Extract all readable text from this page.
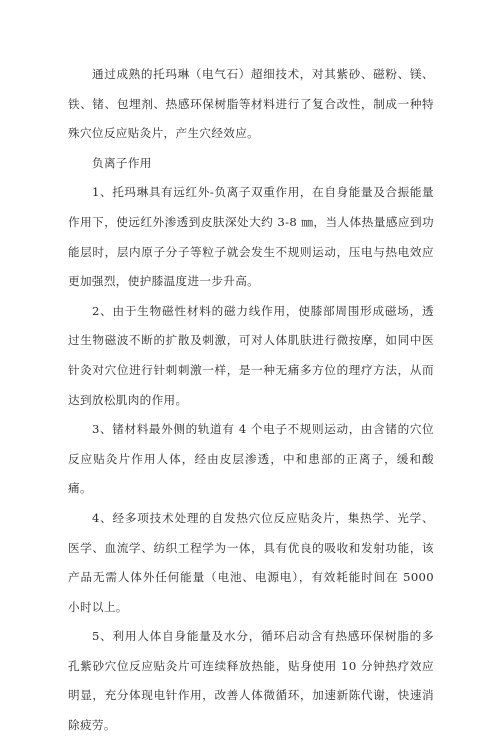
通过成熟的托玛琳（电气石）超细技术，对其紫砂、磁粉、镁、铁、锗、包埋剂、热感环保树脂等材料进行了复合改性，制成一种特殊穴位反应贴灸片，产生穴经效应。

负离子作用

1、托玛琳具有远红外-负离子双重作用，在自身能量及合振能量作用下，使远红外渗透到皮肤深处大约 3-8 ㎜，当人体热量感应到功能层时，层内原子分子等粒子就会发生不规则运动，压电与热电效应更加强烈，使护膝温度进一步升高。

2、由于生物磁性材料的磁力线作用，使膝部周围形成磁场，透过生物磁波不断的扩散及刺激，可对人体肌肤进行微按摩，如同中医针灸对穴位进行针刺刺激一样，是一种无痛多方位的理疗方法，从而达到放松肌肉的作用。

3、锗材料最外侧的轨道有 4 个电子不规则运动，由含锗的穴位反应贴灸片作用人体，经由皮层渗透，中和患部的正离子，缓和酸痛。

4、经多项技术处理的自发热穴位反应贴灸片，集热学、光学、医学、血流学、纺织工程学为一体，具有优良的吸收和发射功能，该产品无需人体外任何能量（电池、电源电），有效耗能时间在 5000 小时以上。

5、利用人体自身能量及水分，循环启动含有热感环保树脂的多孔紫砂穴位反应贴灸片可连续释放热能，贴身使用 10 分钟热疗效应明显，充分体现电针作用，改善人体微循环，加速新陈代谢，快速消除疲劳。
